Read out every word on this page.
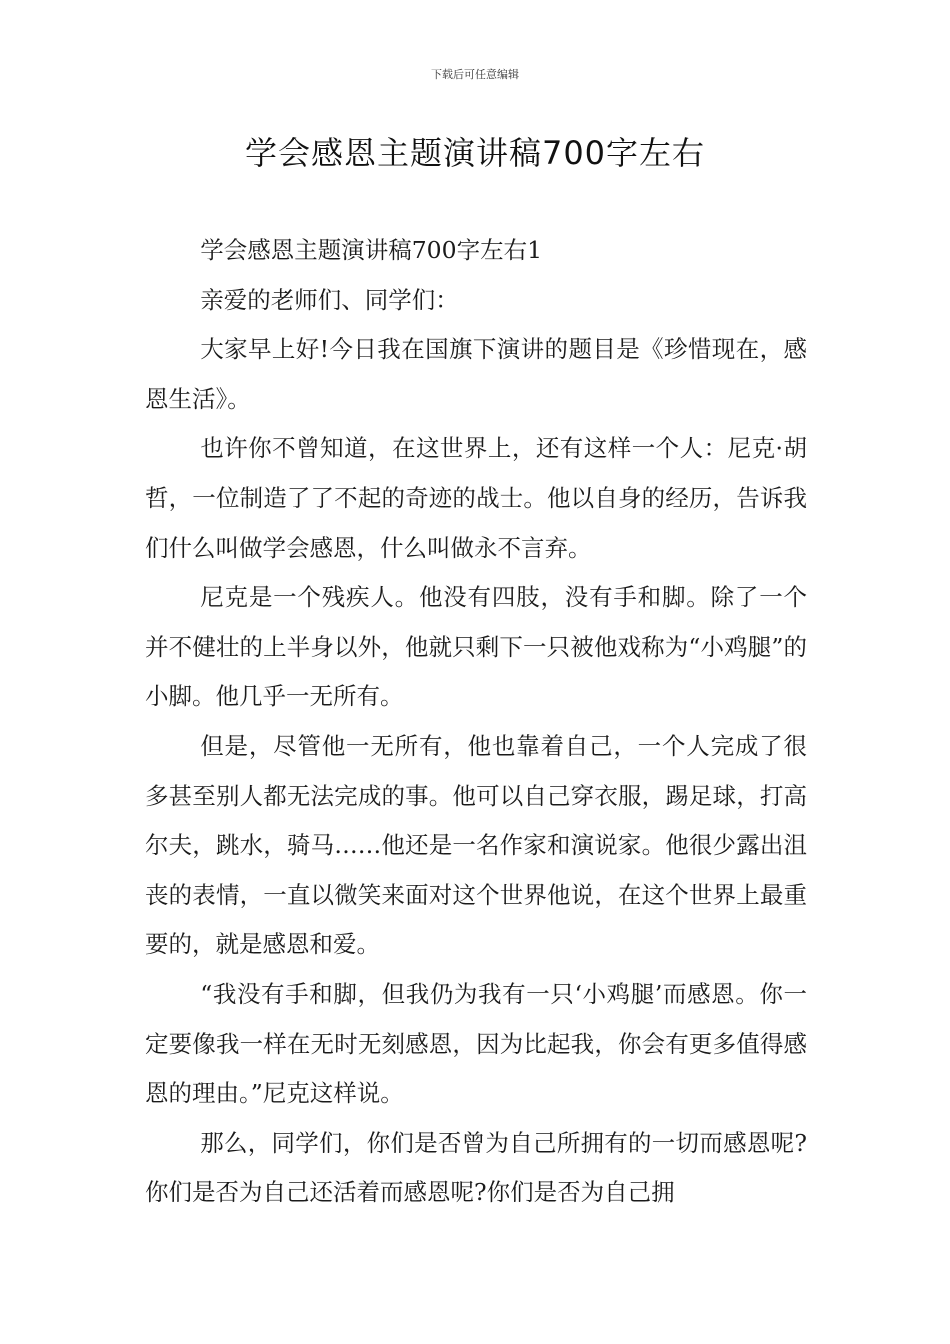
下载后可任意编辑
学会感恩主题演讲稿700字左右

学会感恩主题演讲稿700字左右1

亲爱的老师们、同学们：

大家早上好!今日我在国旗下演讲的题目是《珍惜现在，感恩生活》。

也许你不曾知道，在这世界上，还有这样一个人：尼克·胡哲，一位制造了了不起的奇迹的战士。他以自身的经历，告诉我们什么叫做学会感恩，什么叫做永不言弃。

尼克是一个残疾人。他没有四肢，没有手和脚。除了一个并不健壮的上半身以外，他就只剩下一只被他戏称为“小鸡腿”的小脚。他几乎一无所有。

但是，尽管他一无所有，他也靠着自己，一个人完成了很多甚至别人都无法完成的事。他可以自己穿衣服，踢足球，打高尔夫，跳水，骑马……他还是一名作家和演说家。他很少露出沮丧的表情，一直以微笑来面对这个世界他说，在这个世界上最重要的，就是感恩和爱。

“我没有手和脚，但我仍为我有一只‘小鸡腿’而感恩。你一定要像我一样在无时无刻感恩，因为比起我，你会有更多值得感恩的理由。”尼克这样说。

那么，同学们，你们是否曾为自己所拥有的一切而感恩呢?你们是否为自己还活着而感恩呢?你们是否为自己拥
